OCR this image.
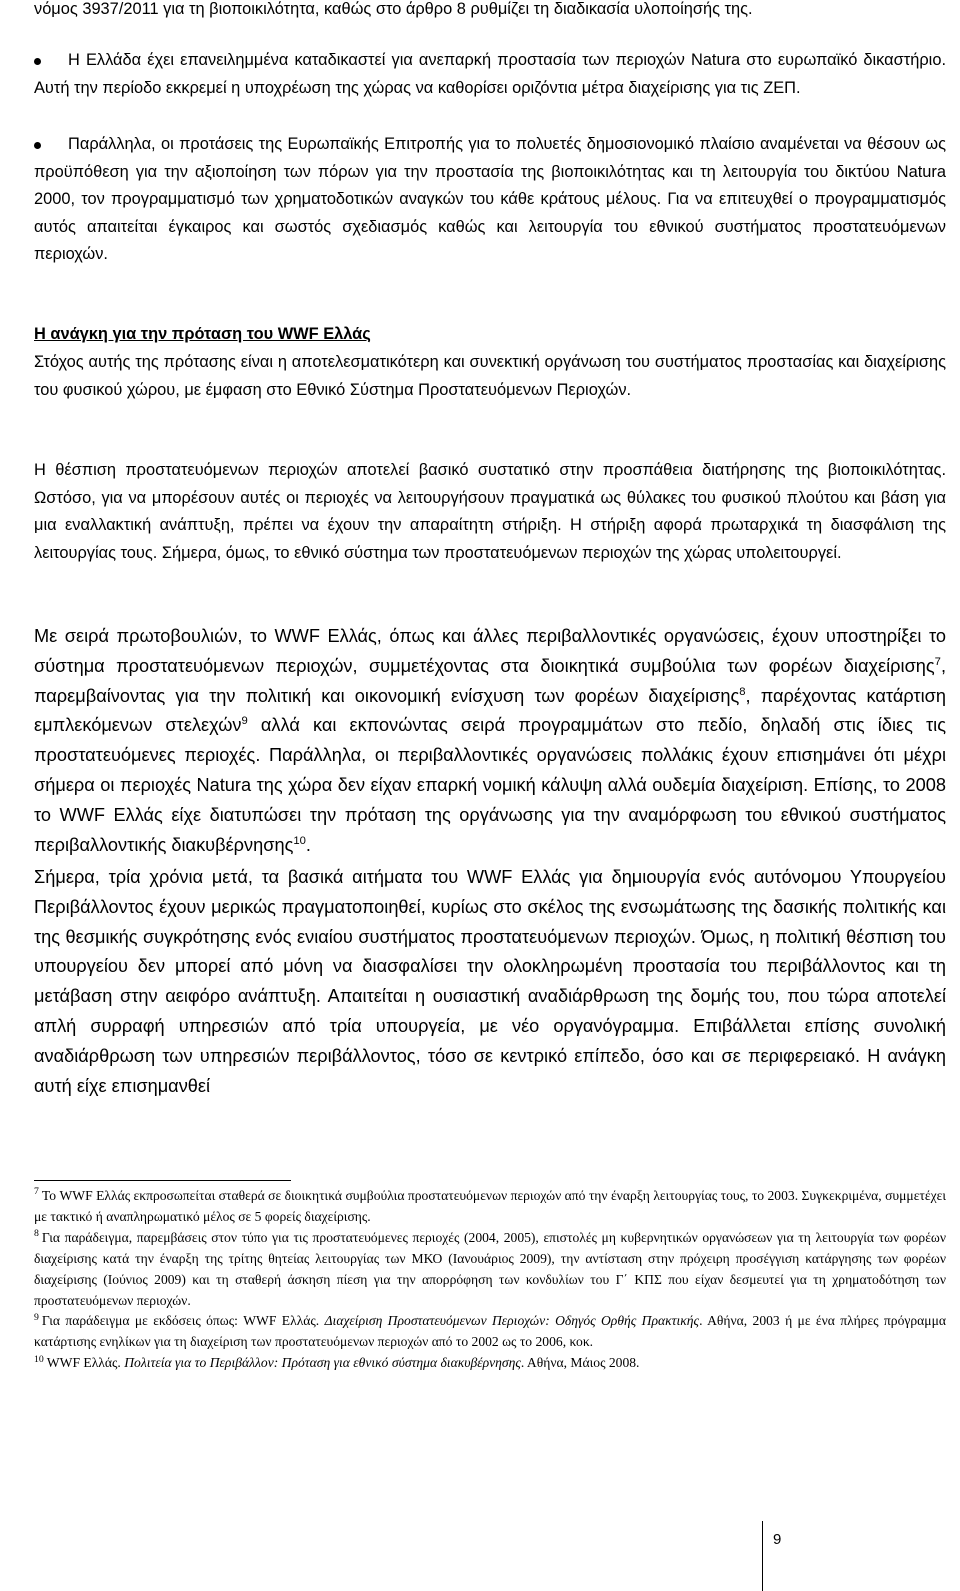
νόμος 3937/2011 για τη βιοποικιλότητα, καθώς στο άρθρο 8 ρυθμίζει τη διαδικασία υλοποίησής της.

Η Ελλάδα έχει επανειλημμένα καταδικαστεί για ανεπαρκή προστασία των περιοχών Natura στο ευρωπαϊκό δικαστήριο. Αυτή την περίοδο εκκρεμεί η υποχρέωση της χώρας να καθορίσει οριζόντια μέτρα διαχείρισης για τις ΖΕΠ.

Παράλληλα, οι προτάσεις της Ευρωπαϊκής Επιτροπής για το πολυετές δημοσιονομικό πλαίσιο αναμένεται να θέσουν ως προϋπόθεση για την αξιοποίηση των πόρων για την προστασία της βιοποικιλότητας και τη λειτουργία του δικτύου Natura 2000, τον προγραμματισμό των χρηματοδοτικών αναγκών του κάθε κράτους μέλους. Για να επιτευχθεί ο προγραμματισμός αυτός απαιτείται έγκαιρος και σωστός σχεδιασμός καθώς και λειτουργία του εθνικού συστήματος προστατευόμενων περιοχών.

Η ανάγκη για την πρόταση του WWF Ελλάς

Στόχος αυτής της πρότασης είναι η αποτελεσματικότερη και συνεκτική οργάνωση του συστήματος προστασίας και διαχείρισης του φυσικού χώρου, με έμφαση στο Εθνικό Σύστημα Προστατευόμενων Περιοχών.

Η θέσπιση προστατευόμενων περιοχών αποτελεί βασικό συστατικό στην προσπάθεια διατήρησης της βιοποικιλότητας. Ωστόσο, για να μπορέσουν αυτές οι περιοχές να λειτουργήσουν πραγματικά ως θύλακες του φυσικού πλούτου και βάση για μια εναλλακτική ανάπτυξη, πρέπει να έχουν την απαραίτητη στήριξη. Η στήριξη αφορά πρωταρχικά τη διασφάλιση της λειτουργίας τους. Σήμερα, όμως, το εθνικό σύστημα των προστατευόμενων περιοχών της χώρας υπολειτουργεί.

Με σειρά πρωτοβουλιών, το WWF Ελλάς, όπως και άλλες περιβαλλοντικές οργανώσεις, έχουν υποστηρίξει το σύστημα προστατευόμενων περιοχών, συμμετέχοντας στα διοικητικά συμβούλια των φορέων διαχείρισης$^7$, παρεμβαίνοντας για την πολιτική και οικονομική ενίσχυση των φορέων διαχείρισης$^8$, παρέχοντας κατάρτιση εμπλεκόμενων στελεχών$^9$ αλλά και εκπονώντας σειρά προγραμμάτων στο πεδίο, δηλαδή στις ίδιες τις προστατευόμενες περιοχές. Παράλληλα, οι περιβαλλοντικές οργανώσεις πολλάκις έχουν επισημάνει ότι μέχρι σήμερα οι περιοχές Natura της χώρα δεν είχαν επαρκή νομική κάλυψη αλλά ουδεμία διαχείριση. Επίσης, το 2008 το WWF Ελλάς είχε διατυπώσει την πρόταση της οργάνωσης για την αναμόρφωση του εθνικού συστήματος περιβαλλοντικής διακυβέρνησης$^{10}$.

Σήμερα, τρία χρόνια μετά, τα βασικά αιτήματα του WWF Ελλάς για δημιουργία ενός αυτόνομου Υπουργείου Περιβάλλοντος έχουν μερικώς πραγματοποιηθεί, κυρίως στο σκέλος της ενσωμάτωσης της δασικής πολιτικής και της θεσμικής συγκρότησης ενός ενιαίου συστήματος προστατευόμενων περιοχών. Όμως, η πολιτική θέσπιση του υπουργείου δεν μπορεί από μόνη να διασφαλίσει την ολοκληρωμένη προστασία του περιβάλλοντος και τη μετάβαση στην αειφόρο ανάπτυξη. Απαιτείται η ουσιαστική αναδιάρθρωση της δομής του, που τώρα αποτελεί απλή συρραφή υπηρεσιών από τρία υπουργεία, με νέο οργανόγραμμα. Επιβάλλεται επίσης συνολική αναδιάρθρωση των υπηρεσιών περιβάλλοντος, τόσο σε κεντρικό επίπεδο, όσο και σε περιφερειακό. Η ανάγκη αυτή είχε επισημανθεί

$^7$ Το WWF Ελλάς εκπροσωπείται σταθερά σε διοικητικά συμβούλια προστατευόμενων περιοχών από την έναρξη λειτουργίας τους, το 2003. Συγκεκριμένα, συμμετέχει με τακτικό ή αναπληρωματικό μέλος σε 5 φορείς διαχείρισης.

$^8$ Για παράδειγμα, παρεμβάσεις στον τύπο για τις προστατευόμενες περιοχές (2004, 2005), επιστολές μη κυβερνητικών οργανώσεων για τη λειτουργία των φορέων διαχείρισης κατά την έναρξη της τρίτης θητείας λειτουργίας των ΜΚΟ (Ιανουάριος 2009), την αντίσταση στην πρόχειρη προσέγγιση κατάργησης των φορέων διαχείρισης (Ιούνιος 2009) και τη σταθερή άσκηση πίεση για την απορρόφηση των κονδυλίων του Γ΄ ΚΠΣ που είχαν δεσμευτεί για τη χρηματοδότηση των προστατευόμενων περιοχών.

$^9$ Για παράδειγμα με εκδόσεις όπως: WWF Ελλάς. Διαχείριση Προστατευόμενων Περιοχών: Οδηγός Ορθής Πρακτικής. Αθήνα, 2003 ή με ένα πλήρες πρόγραμμα κατάρτισης ενηλίκων για τη διαχείριση των προστατευόμενων περιοχών από το 2002 ως το 2006, κοκ.

$^{10}$ WWF Ελλάς. Πολιτεία για το Περιβάλλον: Πρόταση για εθνικό σύστημα διακυβέρνησης. Αθήνα, Μάιος 2008.

9
